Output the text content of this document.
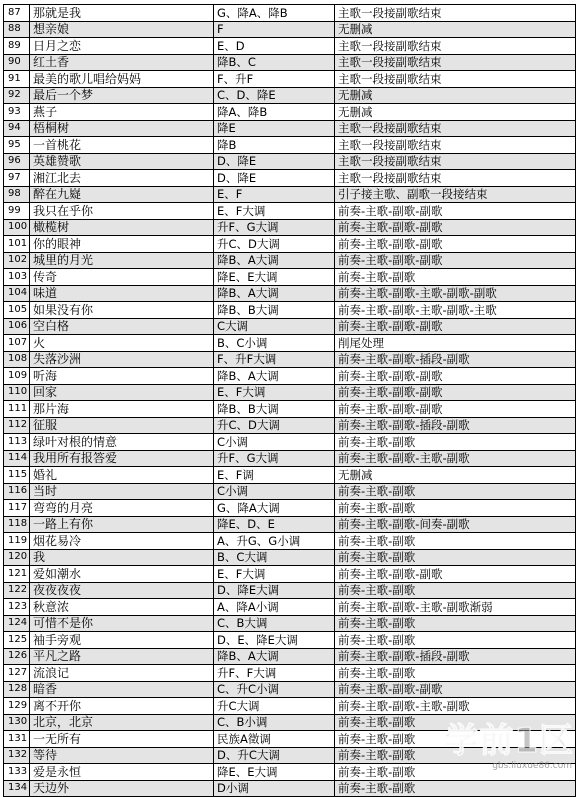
87	那就是我	G、降A、降B	主歌一段接副歌结束
88	想亲娘	F	无删减
89	日月之恋	E、D	主歌一段接副歌结束
90	红土香	降B、C	主歌一段接副歌结束
91	最美的歌儿唱给妈妈	F、升F	主歌一段接副歌结束
92	最后一个梦	C、D、降E	无删减
93	燕子	降A、降B	无删减
94	梧桐树	降E	主歌一段接副歌结束
95	一首桃花	降B	主歌一段接副歌结束
96	英雄赞歌	D、降E	主歌一段接副歌结束
97	湘江北去	D、降E	主歌一段接副歌结束
98	醉在九嶷	E、F	引子接主歌、副歌一段接结束
99	我只在乎你	E、F大调	前奏-主歌-副歌-副歌
100	橄榄树	升F、G大调	前奏-主歌-副歌-副歌
101	你的眼神	升C、D大调	前奏-主歌-副歌-副歌
102	城里的月光	降B、A大调	前奏-主歌-副歌-副歌
103	传奇	降E、E大调	前奏-主歌-副歌
104	味道	降B、A大调	前奏-主歌-副歌-主歌-副歌-副歌
105	如果没有你	降B、B大调	前奏-主歌-副歌-主歌-副歌-主歌
106	空白格	C大调	前奏-主歌-副歌-副歌
107	火	B、C小调	削尾处理
108	失落沙洲	F、升F大调	前奏-主歌-副歌-插段-副歌
109	听海	降B、A大调	前奏-主歌-副歌-副歌
110	回家	E、F大调	前奏-主歌-副歌-副歌
111	那片海	降B、B大调	前奏-主歌-副歌-副歌
112	征服	升C、D大调	前奏-主歌-副歌-插段-副歌
113	绿叶对根的情意	C小调	前奏-主歌-副歌
114	我用所有报答爱	升F、G大调	前奏-主歌-副歌-主歌-副歌
115	婚礼	E、F调	无删减
116	当时	C小调	前奏-主歌-副歌
117	弯弯的月亮	G、降A大调	前奏-主歌-副歌
118	一路上有你	降E、D、E	前奏-主歌-副歌-间奏-副歌
119	烟花易冷	A、升G、G小调	前奏-主歌-副歌
120	我	B、C大调	前奏-主歌-副歌
121	爱如潮水	E、F大调	前奏-主歌-副歌-副歌
122	夜夜夜夜	D、降E大调	前奏-主歌-副歌
123	秋意浓	A、降A小调	前奏-主歌-副歌-主歌-副歌渐弱
124	可惜不是你	C、B大调	前奏-主歌-副歌
125	袖手旁观	D、E、降E大调	前奏-主歌-副歌
126	平凡之路	降B、A大调	前奏-主歌-副歌-插段-副歌
127	流浪记	升F、F大调	前奏-主歌-副歌
128	暗香	C、升C小调	前奏-主歌-副歌-副歌
129	离不开你	升C大调	前奏-主歌-副歌-主歌-副歌
130	北京，北京	C、B小调	前奏-主歌-副歌
131	一无所有	民族A徵调	前奏-主歌-副歌
132	等待	D、升C大调	前奏-主歌-副歌
133	爱是永恒	降E、E大调	前奏-主歌-副歌
134	天边外	D小调	前奏-主歌-副歌
学前1区
gbs.liuxue86.com
